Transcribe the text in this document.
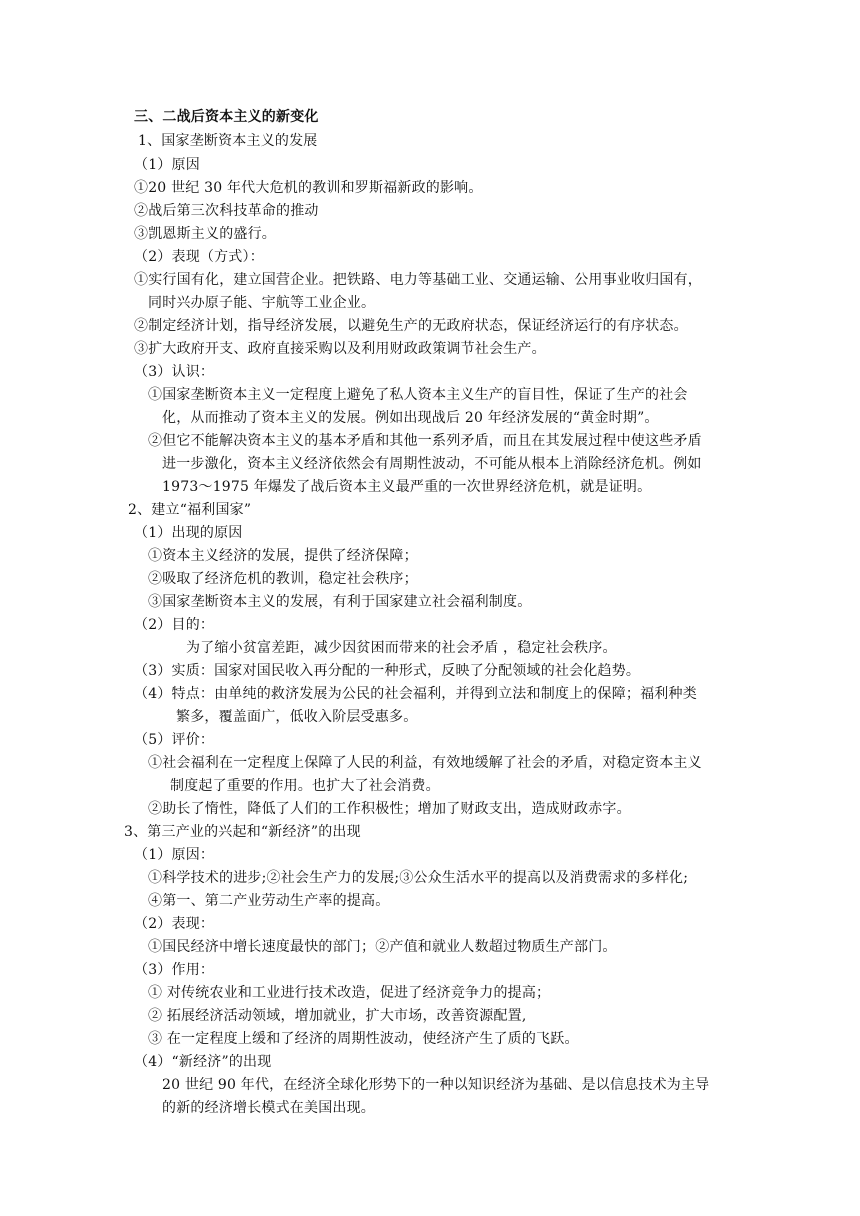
三、二战后资本主义的新变化
1、国家垄断资本主义的发展
（1）原因
①20 世纪 30 年代大危机的教训和罗斯福新政的影响。
②战后第三次科技革命的推动
③凯恩斯主义的盛行。
（2）表现（方式）：
①实行国有化，建立国营企业。把铁路、电力等基础工业、交通运输、公用事业收归国有，
同时兴办原子能、宇航等工业企业。
②制定经济计划，指导经济发展，以避免生产的无政府状态，保证经济运行的有序状态。
③扩大政府开支、政府直接采购以及利用财政政策调节社会生产。
（3）认识：
①国家垄断资本主义一定程度上避免了私人资本主义生产的盲目性，保证了生产的社会
化，从而推动了资本主义的发展。例如出现战后 20 年经济发展的“黄金时期”。
②但它不能解决资本主义的基本矛盾和其他一系列矛盾，而且在其发展过程中使这些矛盾
进一步激化，资本主义经济依然会有周期性波动，不可能从根本上消除经济危机。例如
1973～1975 年爆发了战后资本主义最严重的一次世界经济危机，就是证明。
2、建立“福利国家”
（1）出现的原因
①资本主义经济的发展，提供了经济保障；
②吸取了经济危机的教训，稳定社会秩序；
③国家垄断资本主义的发展，有利于国家建立社会福利制度。
（2）目的：
为了缩小贫富差距，减少因贫困而带来的社会矛盾 ，稳定社会秩序。
（3）实质：国家对国民收入再分配的一种形式，反映了分配领域的社会化趋势。
（4）特点：由单纯的救济发展为公民的社会福利，并得到立法和制度上的保障；福利种类
繁多，覆盖面广，低收入阶层受惠多。
（5）评价：
①社会福利在一定程度上保障了人民的利益，有效地缓解了社会的矛盾，对稳定资本主义
制度起了重要的作用。也扩大了社会消费。
②助长了惰性，降低了人们的工作积极性；增加了财政支出，造成财政赤字。
3、第三产业的兴起和“新经济”的出现
（1）原因：
①科学技术的进步;②社会生产力的发展;③公众生活水平的提高以及消费需求的多样化;
④第一、第二产业劳动生产率的提高。
（2）表现：
①国民经济中增长速度最快的部门；②产值和就业人数超过物质生产部门。
（3）作用：
① 对传统农业和工业进行技术改造，促进了经济竞争力的提高；
② 拓展经济活动领域，增加就业，扩大市场，改善资源配置,
③ 在一定程度上缓和了经济的周期性波动，使经济产生了质的飞跃。
（4）“新经济”的出现
20 世纪 90 年代，在经济全球化形势下的一种以知识经济为基础、是以信息技术为主导
的新的经济增长模式在美国出现。
